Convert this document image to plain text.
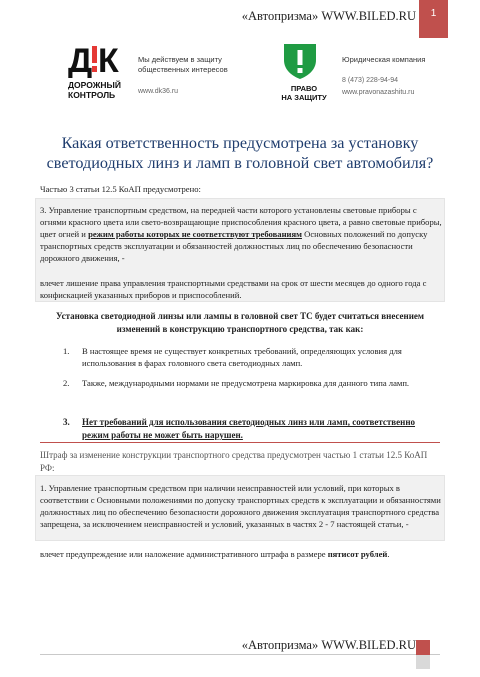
«Автопризма» WWW.BILED.RU	1
Д К
ДОРОЖНЫЙ
КОНТРОЛЬ
Мы действуем в защиту общественных интересов
www.dk36.ru	ПРАВО
НА ЗАЩИТУ
Юридическая компания
8 (473) 228-94-94
www.pravonazashitu.ru
Какая ответственность предусмотрена за установку светодиодных линз и ламп в головной свет автомобиля?
Частью 3 статьи 12.5 КоАП предусмотрено:
3. Управление транспортным средством, на передней части которого установлены световые приборы с огнями красного цвета или свето-возвращающие приспособления красного цвета, а равно световые приборы, цвет огней и режим работы которых не соответствуют требованиям Основных положений по допуску транспортных средств эксплуатации и обязанностей должностных лиц по обеспечению безопасности дорожного движения, -
влечет лишение права управления транспортными средствами на срок от шести месяцев до одного года с конфискацией указанных приборов и приспособлений.
Установка светодиодной линзы или лампы в головной свет ТС будет считаться внесением изменений в конструкцию транспортного средства, так как:
1. В настоящее время не существует конкретных требований, определяющих условия для использования в фарах головного света светодиодных ламп.
2. Также, международными нормами не предусмотрена маркировка для данного типа ламп.
3. Нет требований для использования светодиодных линз или ламп, соответственно режим работы не может быть нарушен.
Штраф за изменение конструкции транспортного средства предусмотрен частью 1 статьи 12.5 КоАП РФ:
1. Управление транспортным средством при наличии неисправностей или условий, при которых в соответствии с Основными положениями по допуску транспортных средств к эксплуатации и обязанностями должностных лиц по обеспечению безопасности дорожного движения эксплуатация транспортного средства запрещена, за исключением неисправностей и условий, указанных в частях 2 - 7 настоящей статьи, -
влечет предупреждение или наложение административного штрафа в размере пятисот рублей.
«Автопризма» WWW.BILED.RU
